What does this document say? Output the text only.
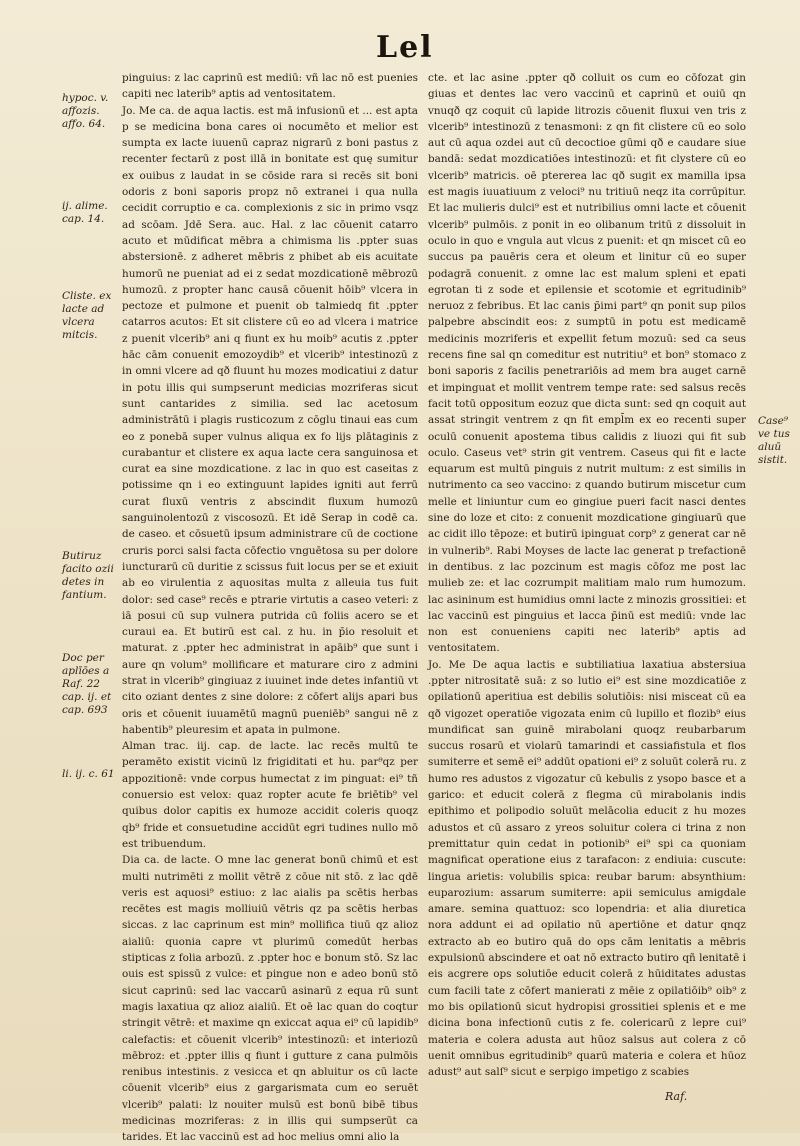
Lel
hypoc. v. affozis. affo. 64.
ij. alime. cap. 14.
Cliste. ex lacte ad vlcera mitcis.
Butiruz facito ozii detes in fantium.
Doc per aplīōes a Raf. 22 cap. ij. et cap. 693
li. ij. c. 61
Case⁹ ve tus aluū sistit.

pinguius: z lac caprinū est mediū: vñ lac nō est puenies capiti nec laterib⁹ aptis ad ventositatem.

Jo. Me ca. de aqua lactis. est mā infusionū et ... est apta p se medicina bona cares oi nocumēto et melior est sumpta ex lacte iuuenū capraz nigrarū z boni pastus z recenter fectarū z post illā in bonitate est quę sumitur ex ouibus z laudat in se cōside rara si recēs sit boni odoris z boni saporis propz nō extranei i qua nulla cecidit corruptio e ca. complexionis z sic in primo vsqz ad scōam. Jdē Sera. auc. Hal. z lac cōuenit catarro acuto et mūdificat mēbra a chimisma lis .ppter suas abstersionē. z adheret mēbris z phibet ab eis acuitate humorū ne pueniat ad ei z sedat mozdicationē mēbrozū humozū. z propter hanc causā cōuenit hōib⁹ vlcera in pectoze et pulmone et puenit ob talmiedq fit .ppter catarros acutos: Et sit clistere cū eo ad vlcera i matrice z puenit vlcerib⁹ ani q fiunt ex hu moib⁹ acutis z .ppter hāc cām conuenit emozoydib⁹ et vlcerib⁹ intestinozū z in omni vlcere ad qð fluunt hu mozes modicatiui z datur in potu illis qui sumpserunt medicias mozriferas sicut sunt cantarides z similia. sed lac acetosum administrātū i plagis rusticozum z cōglu tinaui eas cum eo z ponebā super vulnus aliqua ex fo lijs plātaginis z curabantur et clistere ex aqua lacte cera sanguinosa et curat ea sine mozdicatione. z lac in quo est caseitas z potissime qn i eo extinguunt lapides igniti aut ferrū curat fluxū ventris z abscindit fluxum humozū sanguinolentozū z viscosozū. Et idē Serap in codē ca. de caseo. et cōsuetū ipsum administrare cū de coctione cruris porci salsi facta cōfectio vnguētosa su per dolore iuncturarū cū duritie z scissus fuit locus per se et exiuit ab eo virulentia z aquositas multa z alleuia tus fuit dolor: sed case⁹ recēs e ptrarie virtutis a caseo veteri: z iā posui cū sup vulnera putrida cū foliis acero se et curaui ea. Et butirū est cal. z hu. in p̄io resoluit et maturat. z .ppter hec administrat in apāib⁹ que sunt i aure qn volum⁹ mollificare et maturare ciro z admini strat in vlcerib⁹ gingiuaz z iuuinet inde detes infantiū vt cito oziant dentes z sine dolore: z cōfert alijs apari bus oris et cōuenit iuuamētū magnū pueniēb⁹ sangui nē z habentib⁹ pleuresim et apata in pulmone.

Alman trac. iij. cap. de lacte. lac recēs multū te peramēto existit vicinū lz frigiditati et hu. par⁹qz per appozitionē: vnde corpus humectat z im pinguat: ei⁹ tñ conuersio est velox: quaz ropter acute fe briētib⁹ vel quibus dolor capitis ex humoze accidit coleris quoqz qb⁹ fride et consuetudine accidūt egri tudines nullo mō est tribuendum.

Dia ca. de lacte. O mne lac generat bonū chimū et est multi nutrimēti z mollit vētrē z cōue nit stō. z lac qdē veris est aquosi⁹ estiuo: z lac aialis pa scētis herbas recētes est magis molliuiū vētris qz pa scētis herbas siccas. z lac caprinum est min⁹ mollifica tiuū qz alioz aialiū: quonia capre vt plurimū comedūt herbas stipticas z folia arbozū. z .ppter hoc e bonum stō. Sz lac ouis est spissū z vulce: et pingue non e adeo bonū stō sicut caprinū: sed lac vaccarū asinarū z equa rū sunt magis laxatiua qz alioz aialiū. Et oē lac quan do coqtur stringit vētrē: et maxime qn exiccat aqua ei⁹ cū lapidib⁹ calefactis: et cōuenit vlcerib⁹ intestinozū: et interiozū mēbroz: et .ppter illis q fiunt i gutture z cana pulmōis renibus intestinis. z vesicca et qn abluitur os cū lacte cōuenit vlcerib⁹ eius z gargarismata cum eo seruēt vlcerib⁹ palati: lz nouiter mulsū est bonū bibē tibus medicinas mozriferas: z in illis qui sumpserūt ca tarides. Et lac vaccinū est ad hoc melius omni alio la

cte. et lac asine .ppter qð colluit os cum eo cōfozat gin giuas et dentes lac vero vaccinū et caprinū et ouiū qn vnuqð qz coquit cū lapide litrozis cōuenit fluxui ven tris z vlcerib⁹ intestinozū z tenasmoni: z qn fit clistere cū eo solo aut cū aqua ozdei aut cū decoctioe gūmi qð e caudare siue bandā: sedat mozdicatiōes intestinozū: et fit clystere cū eo vlcerib⁹ matricis. oē ptererea lac qð sugit ex mamilla ipsa est magis iuuatiuum z veloci⁹ nu tritiuū neqz ita corrūpitur. Et lac mulieris dulci⁹ est et nutribilius omni lacte et cōuenit vlcerib⁹ pulmōis. z ponit in eo olibanum tritū z dissoluit in oculo in quo e vngula aut vlcus z puenit: et qn miscet cū eo succus pa pauēris cera et oleum et linitur cū eo super podagrā conuenit. z omne lac est malum spleni et epati egrotan ti z sode et epilensie et scotomie et egritudinib⁹ neruoz z febribus. Et lac canis p̄imi part⁹ qn ponit sup pilos palpebre abscindit eos: z sumptū in potu est medicamē medicinis mozriferis et expellit fetum mozuū: sed ca seus recens fine sal qn comeditur est nutritiu⁹ et bon⁹ stomaco z boni saporis z facilis penetrariōis ad mem bra auget carnē et impinguat et mollit ventrem tempe rate: sed salsus recēs facit totū oppositum eozuz que dicta sunt: sed qn coquit aut assat stringit ventrem z qn fit empl̄m ex eo recenti super oculū conuenit apostema tibus calidis z liuozi qui fit sub oculo. Caseus vet⁹ strin git ventrem. Caseus qui fit e lacte equarum est multū pinguis z nutrit multum: z est similis in nutrimento ca seo vaccino: z quando butirum miscetur cum melle et liniuntur cum eo gingiue pueri facit nasci dentes sine do loze et cito: z conuenit mozdicatione gingiuarū que ac cidit illo tēpoze: et butirū ipinguat corp⁹ z generat car nē in vulnerib⁹. Rabi Moyses de lacte lac generat p trefactionē in dentibus. z lac pozcinum est magis cōfoz me post lac mulieb ze: et lac cozrumpit malitiam malo rum humozum. lac asininum est humidius omni lacte z minozis grossitiei: et lac vaccinū est pinguius et lacca p̄inū est mediū: vnde lac non est conueniens capiti nec laterib⁹ aptis ad ventositatem.

Jo. Me De aqua lactis e subtiliatiua laxatiua abstersiua .ppter nitrositatē suā: z so lutio ei⁹ est sine mozdicatiōe z opilationū aperitiua est debilis solutiōis: nisi misceat cū ea qð vigozet operatiōe vigozata enim cū lupillo et flozib⁹ eius mundificat san guinē mirabolani quoqz reubarbarum succus rosarū et violarū tamarindi et cassiafistula et flos sumiterre et semē ei⁹ addūt opationi ei⁹ z soluūt colerā ru. z humo res adustos z vigozatur cū kebulis z ysopo basce et a garico: et educit colerā z flegma cū mirabolanis indis epithimo et polipodio soluūt melācolia educit z hu mozes adustos et cū assaro z yreos soluitur colera ci trina z non premittatur quin cedat in potionib⁹ ei⁹ spi ca quoniam magnificat operatione eius z tarafacon: z endiuia: cuscute: lingua arietis: volubilis spica: reubar barum: absynthium: euparozium: assarum sumiterre: apii semiculus amigdale amare. semina quattuoz: sco lopendria: et alia diuretica nora addunt ei ad opilatio nū apertiōne et datur qnqz extracto ab eo butiro quā do ops cām lenitatis a mēbris expulsionū abscindere et oat nō extracto butiro qñ lenitatē i eis acgrere ops solutiōe educit colerā z hūiditates adustas cum facili tate z cōfert manierati z mēie z opilatiōib⁹ oib⁹ z mo bis opilationū sicut hydropisi grossitiei splenis et e me dicina bona infectionū cutis z fe. colericarū z lepre cui⁹ materia e colera adusta aut hūoz salsus aut colera z cō uenit omnibus egritudinib⁹ quarū materia e colera et hūoz adust⁹ aut salſ⁹ sicut e serpigo impetigo z scabies

Raf.
